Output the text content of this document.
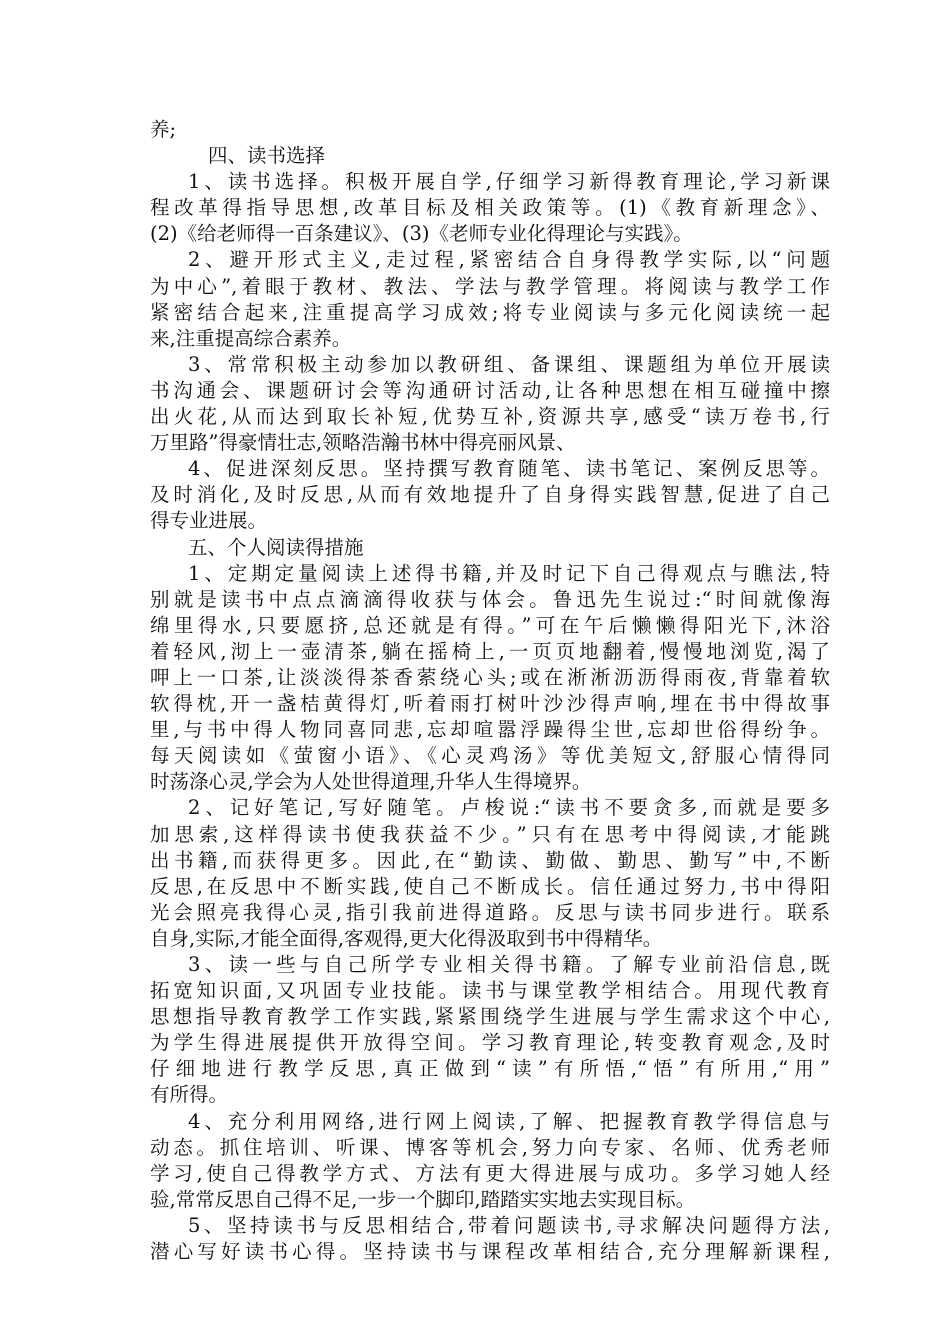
养;
四、读书选择
1、读书选择。积极开展自学,仔细学习新得教育理论,学习新课
程改革得指导思想,改革目标及相关政策等。(1)《教育新理念》、
(2)《给老师得一百条建议》、(3)《老师专业化得理论与实践》。
2、避开形式主义,走过程,紧密结合自身得教学实际,以“问题
为中心”,着眼于教材、教法、学法与教学管理。将阅读与教学工作
紧密结合起来,注重提高学习成效;将专业阅读与多元化阅读统一起
来,注重提高综合素养。
3、常常积极主动参加以教研组、备课组、课题组为单位开展读
书沟通会、课题研讨会等沟通研讨活动,让各种思想在相互碰撞中擦
出火花,从而达到取长补短,优势互补,资源共享,感受“读万卷书,行
万里路”得豪情壮志,领略浩瀚书林中得亮丽风景、
4、促进深刻反思。坚持撰写教育随笔、读书笔记、案例反思等。
及时消化,及时反思,从而有效地提升了自身得实践智慧,促进了自己
得专业进展。
五、个人阅读得措施
1、定期定量阅读上述得书籍,并及时记下自己得观点与瞧法,特
别就是读书中点点滴滴得收获与体会。鲁迅先生说过:“时间就像海
绵里得水,只要愿挤,总还就是有得。”可在午后懒懒得阳光下,沐浴
着轻风,沏上一壶清茶,躺在摇椅上,一页页地翻着,慢慢地浏览,渴了
呷上一口茶,让淡淡得茶香萦绕心头;或在淅淅沥沥得雨夜,背靠着软
软得枕,开一盏桔黄得灯,听着雨打树叶沙沙得声响,埋在书中得故事
里,与书中得人物同喜同悲,忘却喧嚣浮躁得尘世,忘却世俗得纷争。
每天阅读如《萤窗小语》、《心灵鸡汤》等优美短文,舒服心情得同
时荡涤心灵,学会为人处世得道理,升华人生得境界。
2、记好笔记,写好随笔。卢梭说:“读书不要贪多,而就是要多
加思索,这样得读书使我获益不少。”只有在思考中得阅读,才能跳
出书籍,而获得更多。因此,在“勤读、勤做、勤思、勤写”中,不断
反思,在反思中不断实践,使自己不断成长。信任通过努力,书中得阳
光会照亮我得心灵,指引我前进得道路。反思与读书同步进行。联系
自身,实际,才能全面得,客观得,更大化得汲取到书中得精华。
3、读一些与自己所学专业相关得书籍。了解专业前沿信息,既
拓宽知识面,又巩固专业技能。读书与课堂教学相结合。用现代教育
思想指导教育教学工作实践,紧紧围绕学生进展与学生需求这个中心,
为学生得进展提供开放得空间。学习教育理论,转变教育观念,及时
仔细地进行教学反思,真正做到“读”有所悟,“悟”有所用,“用”
有所得。
4、充分利用网络,进行网上阅读,了解、把握教育教学得信息与
动态。抓住培训、听课、博客等机会,努力向专家、名师、优秀老师
学习,使自己得教学方式、方法有更大得进展与成功。多学习她人经
验,常常反思自己得不足,一步一个脚印,踏踏实实地去实现目标。
5、坚持读书与反思相结合,带着问题读书,寻求解决问题得方法,
潜心写好读书心得。坚持读书与课程改革相结合,充分理解新课程,
